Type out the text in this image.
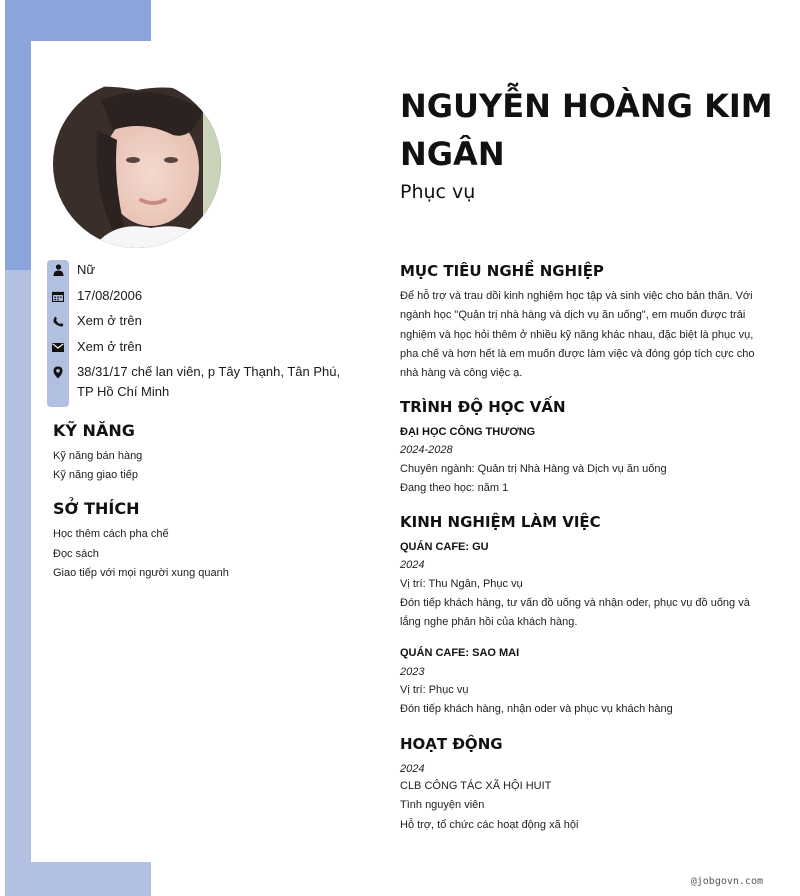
Nữ
17/08/2006
Xem ở trên
Xem ở trên
38/31/17 chế lan viên, p Tây Thạnh, Tân Phú, TP Hồ Chí Minh
KỸ NĂNG
Kỹ năng bán hàng
Kỹ năng giao tiếp
SỞ THÍCH
Học thêm cách pha chế
Đọc sách
Giao tiếp với mọi người xung quanh
NGUYỄN HOÀNG KIM NGÂN
Phục vụ
MỤC TIÊU NGHỀ NGHIỆP
Để hỗ trợ và trau dồi kinh nghiệm học tập và sinh việc cho bản thân. Với ngành học "Quản trị nhà hàng và dịch vụ ăn uống", em muốn được trải nghiệm và học hỏi thêm ở nhiều kỹ năng khác nhau, đặc biệt là phục vụ, pha chế và hơn hết là em muốn được làm việc và đóng góp tích cực cho nhà hàng và công việc ạ.
TRÌNH ĐỘ HỌC VẤN
ĐẠI HỌC CÔNG THƯƠNG
2024-2028
Chuyên ngành: Quản trị Nhà Hàng và Dịch vụ ăn uống
Đang theo học: năm 1
KINH NGHIỆM LÀM VIỆC
QUÁN CAFE: GU
2024
Vị trí: Thu Ngân, Phục vụ
Đón tiếp khách hàng, tư vấn đồ uống và nhận oder, phục vụ đồ uống và lắng nghe phản hồi của khách hàng.
QUÁN CAFE: SAO MAI
2023
Vị trí: Phục vụ
Đón tiếp khách hàng, nhận oder và phục vụ khách hàng
HOẠT ĐỘNG
2024
CLB CÔNG TÁC XÃ HỘI HUIT
Tình nguyện viên
Hỗ trợ, tổ chức các hoạt động xã hội
@jobgovn.com
